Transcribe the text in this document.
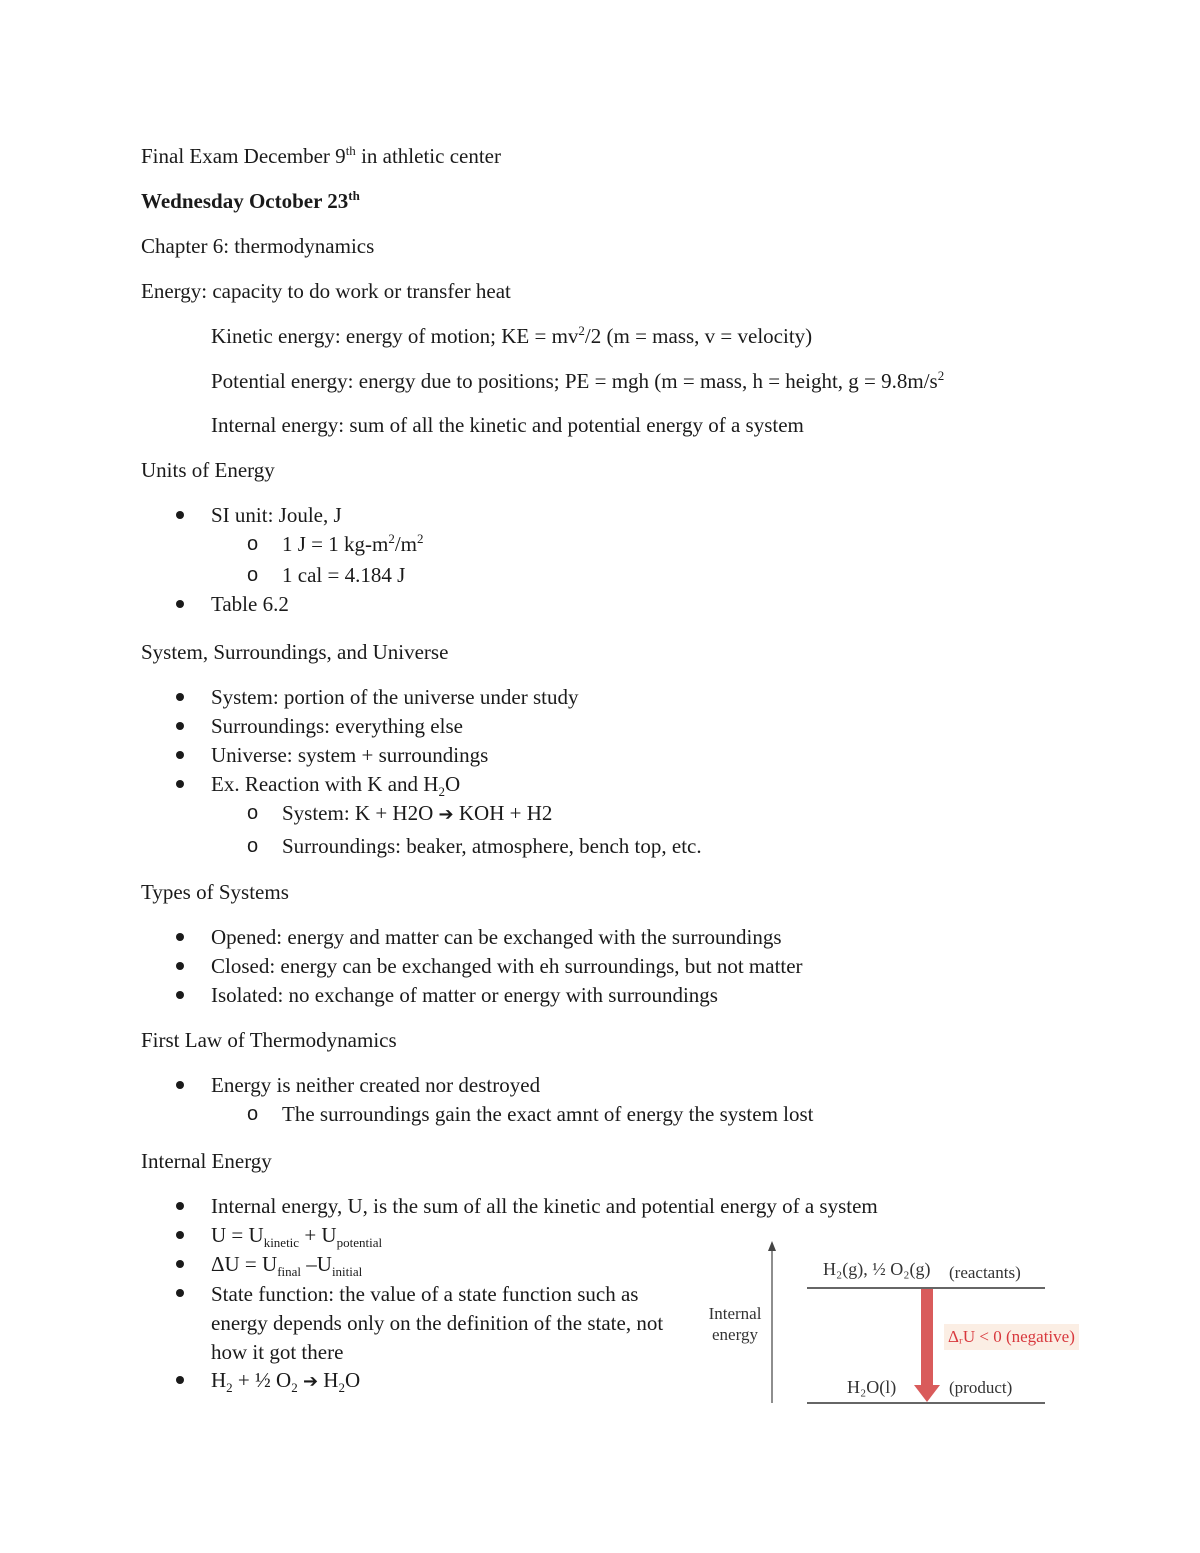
Final Exam December 9th in athletic center
Wednesday October 23th
Chapter 6: thermodynamics
Energy: capacity to do work or transfer heat
Kinetic energy: energy of motion; KE = $mv^2/2$ (m = mass, v = velocity)
Potential energy: energy due to positions; PE = mgh (m = mass, h = height, $g = 9.8m/s^2$
Internal energy: sum of all the kinetic and potential energy of a system
Units of Energy
SI unit: Joule, J
o 1 J = 1 $kg-m^2/m^2$
o 1 cal = 4.184 J
Table 6.2
System, Surroundings, and Universe
System: portion of the universe under study
Surroundings: everything else
Universe: system + surroundings
Ex. Reaction with K and $H_2O$
o System: K + H2O ➔ KOH + H2
o Surroundings: beaker, atmosphere, bench top, etc.
Types of Systems
Opened: energy and matter can be exchanged with the surroundings
Closed: energy can be exchanged with eh surroundings, but not matter
Isolated: no exchange of matter or energy with surroundings
First Law of Thermodynamics
Energy is neither created nor destroyed
o The surroundings gain the exact amnt of energy the system lost
Internal Energy
Internal energy, U, is the sum of all the kinetic and potential energy of a system
$U = U_{kinetic} + U_{potential}$
$\Delta U = U_{final}$ $-U_{initial}$
State function: the value of a state function such as energy depends only on the definition of the state, not how it got there
$H_2$ + ½ $O_2$ ➔ $H_2O$
Internal
energy
H₂(g), ½ O₂(g) (reactants)
ΔᵣU < 0 (negative)
H₂O(l)	(product)
